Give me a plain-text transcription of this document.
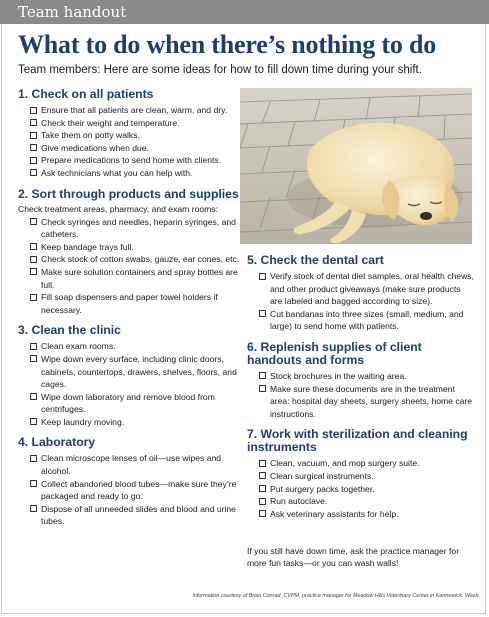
Team handout
What to do when there’s nothing to do

Team members: Here are some ideas for how to fill down time during your shift.

1. Check on all patients
Ensure that all patients are clean, warm, and dry.
Check their weight and temperature.
Take them on potty walks.
Give medications when due.
Prepare medications to send home with clients.
Ask technicians what you can help with.
2. Sort through products and supplies

Check treatment areas, pharmacy, and exam rooms:

Check syringes and needles, heparin syringes, and catheters.
Keep bandage trays full.
Check stock of cotton swabs, gauze, ear cones, etc.
Make sure solution containers and spray bottles are full.
Fill soap dispensers and paper towel holders if necessary.
3. Clean the clinic
Clean exam rooms.
Wipe down every surface, including clinic doors, cabinets, countertops, drawers, shelves, floors, and cages.
Wipe down laboratory and remove blood from centrifuges.
Keep laundry moving.
4. Laboratory
Clean microscope lenses of oil—use wipes and alcohol.
Collect abandoned blood tubes—make sure they’re packaged and ready to go.
Dispose of all unneeded slides and blood and urine tubes.
5. Check the dental cart
Verify stock of dental diet samples, oral health chews, and other product giveaways (make sure products are labeled and bagged according to size).
Cut bandanas into three sizes (small, medium, and large) to send home with patients.
6. Replenish supplies of client handouts and forms
Stock brochures in the waiting area.
Make sure these documents are in the treatment area: hospital day sheets, surgery sheets, home care instructions.
7. Work with sterilization and cleaning instruments
Clean, vacuum, and mop surgery suite.
Clean surgical instruments.
Put surgery packs together.
Run autoclave.
Ask veterinary assistants for help.

If you still have down time, ask the practice manager for more fun tasks—or you can wash walls!

Information courtesy of Brian Conrad, CVPM, practice manager for Meadow Hills Veterinary Center in Kennewick, Wash.
